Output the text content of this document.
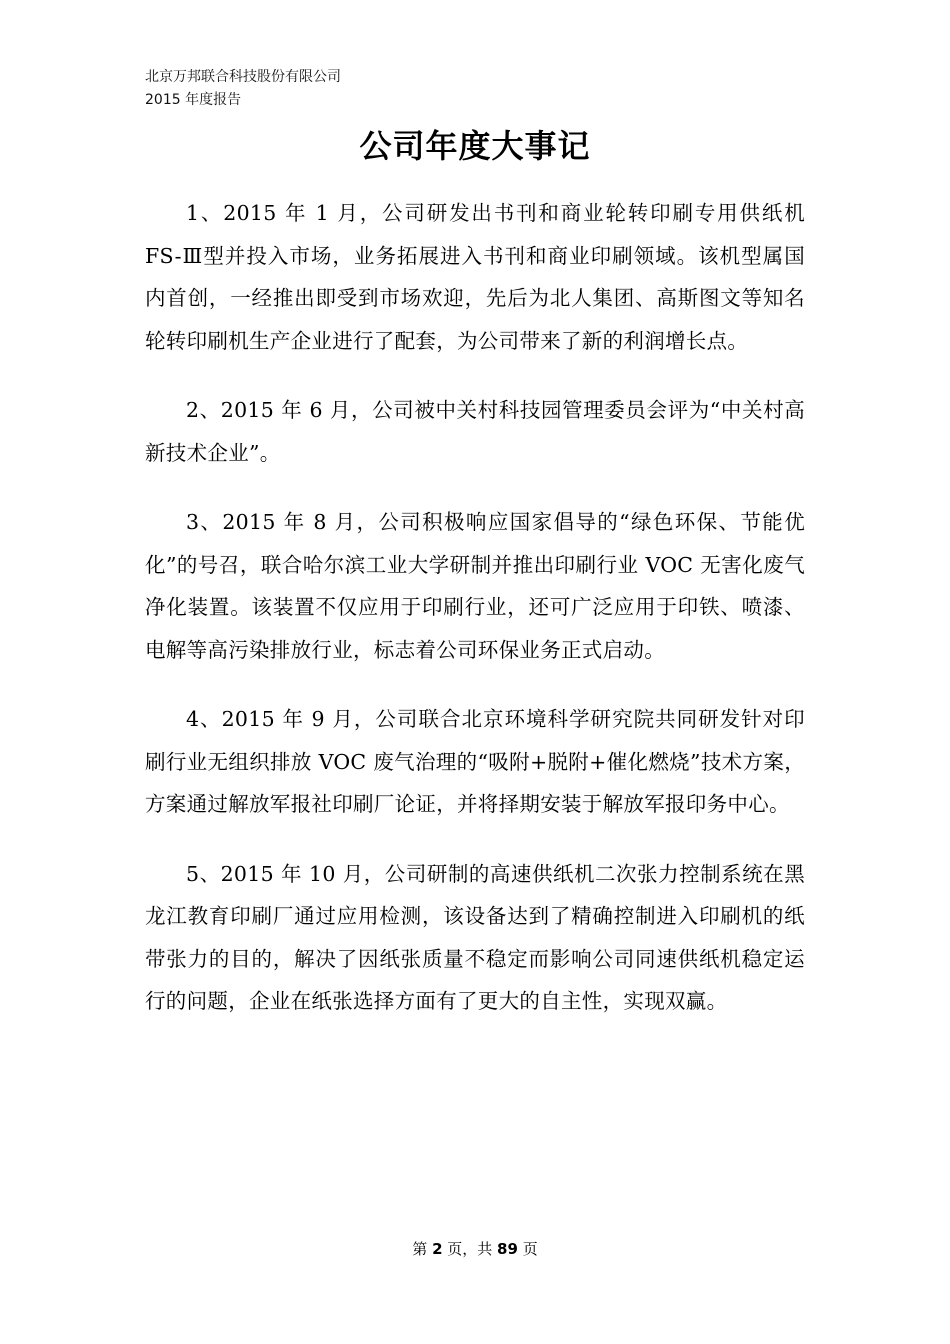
北京万邦联合科技股份有限公司
2015 年度报告
公司年度大事记

1、2015 年 1 月，公司研发出书刊和商业轮转印刷专用供纸机 FS-Ⅲ型并投入市场，业务拓展进入书刊和商业印刷领域。该机型属国内首创，一经推出即受到市场欢迎，先后为北人集团、高斯图文等知名轮转印刷机生产企业进行了配套，为公司带来了新的利润增长点。

2、2015 年 6 月，公司被中关村科技园管理委员会评为“中关村高新技术企业”。

3、2015 年 8 月，公司积极响应国家倡导的“绿色环保、节能优化”的号召，联合哈尔滨工业大学研制并推出印刷行业 VOC 无害化废气净化装置。该装置不仅应用于印刷行业，还可广泛应用于印铁、喷漆、电解等高污染排放行业，标志着公司环保业务正式启动。

4、2015 年 9 月，公司联合北京环境科学研究院共同研发针对印刷行业无组织排放 VOC 废气治理的“吸附+脱附+催化燃烧”技术方案，方案通过解放军报社印刷厂论证，并将择期安装于解放军报印务中心。

5、2015 年 10 月，公司研制的高速供纸机二次张力控制系统在黑龙江教育印刷厂通过应用检测，该设备达到了精确控制进入印刷机的纸带张力的目的，解决了因纸张质量不稳定而影响公司同速供纸机稳定运行的问题，企业在纸张选择方面有了更大的自主性，实现双赢。

第 2 页，共 89 页
